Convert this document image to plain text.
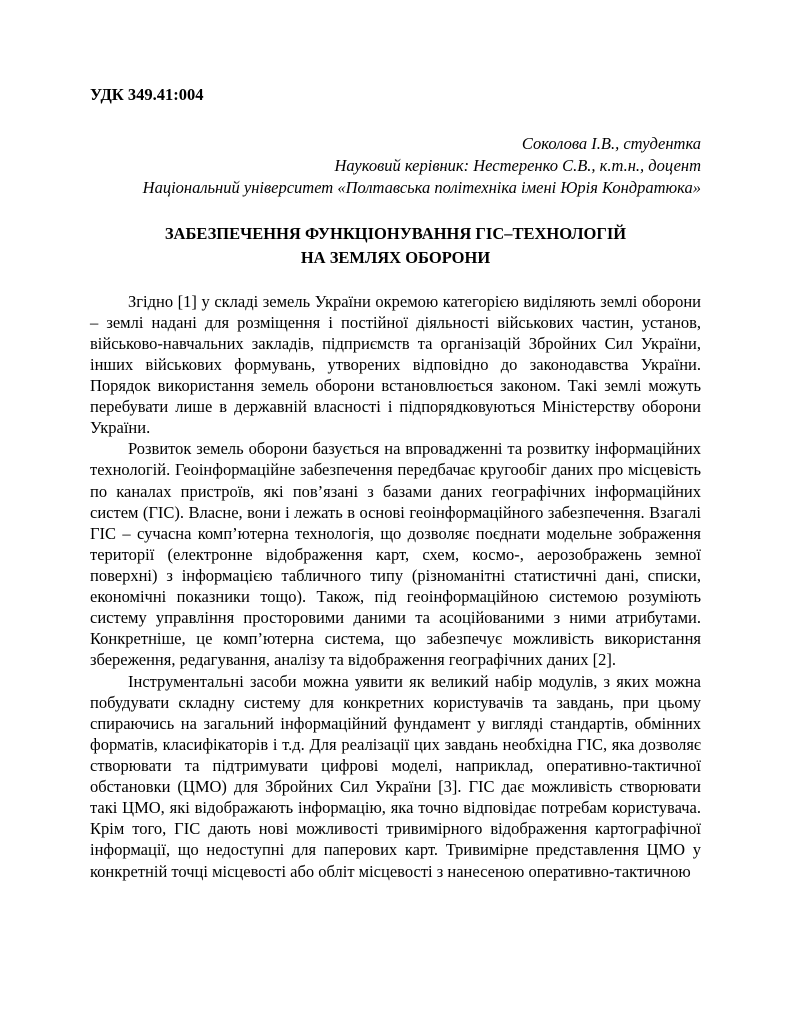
УДК 349.41:004
Соколова І.В., студентка
Науковий керівник: Нестеренко С.В., к.т.н., доцент
Національний університет «Полтавська політехніка імені Юрія Кондратюка»
ЗАБЕЗПЕЧЕННЯ ФУНКЦІОНУВАННЯ ГІС–ТЕХНОЛОГІЙ
НА ЗЕМЛЯХ ОБОРОНИ

Згідно [1] у складі земель України окремою категорією виділяють землі оборони – землі надані для розміщення і постійної діяльності військових частин, установ, військово-навчальних закладів, підприємств та організацій Збройних Сил України, інших військових формувань, утворених відповідно до законодавства України. Порядок використання земель оборони встановлюється законом. Такі землі можуть перебувати лише в державній власності і підпорядковуються Міністерству оборони України.

Розвиток земель оборони базується на впровадженні та розвитку інформаційних технологій. Геоінформаційне забезпечення передбачає кругообіг даних про місцевість по каналах пристроїв, які пов’язані з базами даних географічних інформаційних систем (ГІС). Власне, вони і лежать в основі геоінформаційного забезпечення. Взагалі ГІС – сучасна комп’ютерна технологія, що дозволяє поєднати модельне зображення території (електронне відображення карт, схем, космо-, аерозображень земної поверхні) з інформацією табличного типу (різноманітні статистичні дані, списки, економічні показники тощо). Також, під геоінформаційною системою розуміють систему управління просторовими даними та асоційованими з ними атрибутами. Конкретніше, це комп’ютерна система, що забезпечує можливість використання збереження, редагування, аналізу та відображення географічних даних [2].

Інструментальні засоби можна уявити як великий набір модулів, з яких можна побудувати складну систему для конкретних користувачів та завдань, при цьому спираючись на загальний інформаційний фундамент у вигляді стандартів, обмінних форматів, класифікаторів і т.д. Для реалізації цих завдань необхідна ГІС, яка дозволяє створювати та підтримувати цифрові моделі, наприклад, оперативно-тактичної обстановки (ЦМО) для Збройних Сил України [3]. ГІС дає можливість створювати такі ЦМО, які відображають інформацію, яка точно відповідає потребам користувача. Крім того, ГІС дають нові можливості тривимірного відображення картографічної інформації, що недоступні для паперових карт. Тривимірне представлення ЦМО у конкретній точці місцевості або обліт місцевості з нанесеною оперативно-тактичною
